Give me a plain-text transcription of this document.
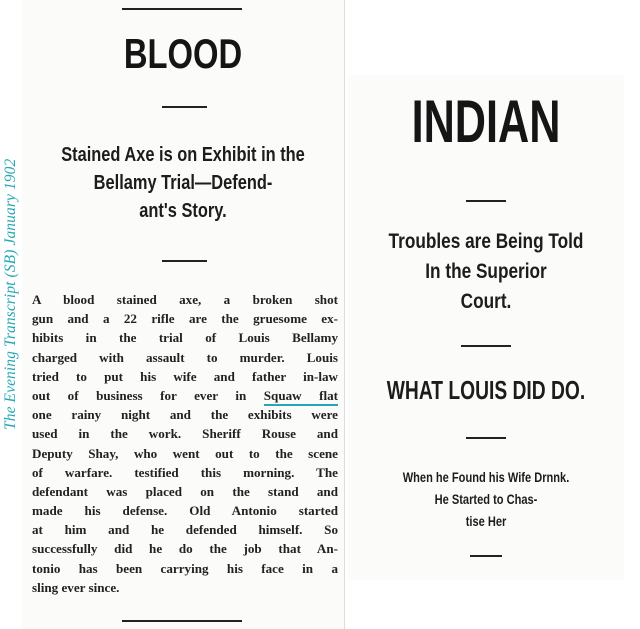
The Evening Transcript (SB) January 1902
BLOOD
Stained Axe is on Exhibit in the
Bellamy Trial—Defend-
ant's Story.
A blood stained axe, a broken shot
gun and a 22 rifle are the gruesome ex-
hibits in the trial of Louis Bellamy
charged with assault to murder. Louis
tried to put his wife and father in-law
out of business for ever in Squaw flat
one rainy night and the exhibits were
used in the work. Sheriff Rouse and
Deputy Shay, who went out to the scene
of warfare. testified this morning. The
defendant was placed on the stand and
made his defense. Old Antonio started
at him and he defended himself. So
successfully did he do the job that An-
tonio has been carrying his face in a
sling ever since.
INDIAN
Troubles are Being Told
In the Superior
Court.
WHAT LOUIS DID DO.
When he Found his Wife Drnnk.
He Started to Chas-
tise Her
